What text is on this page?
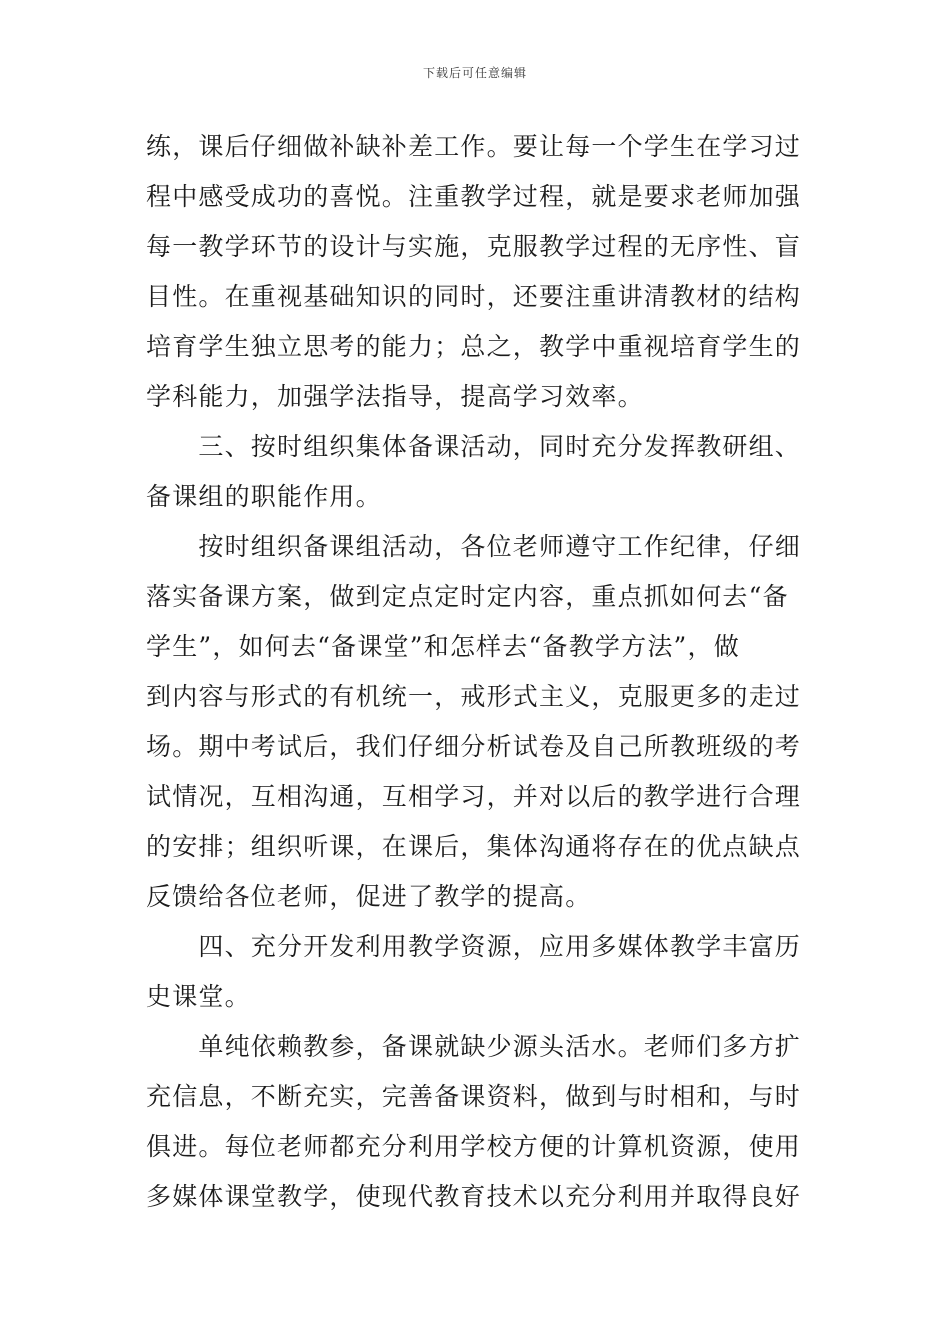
下载后可任意编辑
练，课后仔细做补缺补差工作。要让每一个学生在学习过
程中感受成功的喜悦。注重教学过程，就是要求老师加强
每一教学环节的设计与实施，克服教学过程的无序性、盲
目性。在重视基础知识的同时，还要注重讲清教材的结构
培育学生独立思考的能力；总之，教学中重视培育学生的
学科能力，加强学法指导，提高学习效率。
　　三、按时组织集体备课活动，同时充分发挥教研组、
备课组的职能作用。
　　按时组织备课组活动，各位老师遵守工作纪律，仔细
落实备课方案，做到定点定时定内容，重点抓如何去“备
学生”，如何去“备课堂”和怎样去“备教学方法”，做
到内容与形式的有机统一，戒形式主义，克服更多的走过
场。期中考试后，我们仔细分析试卷及自己所教班级的考
试情况，互相沟通，互相学习，并对以后的教学进行合理
的安排；组织听课，在课后，集体沟通将存在的优点缺点
反馈给各位老师，促进了教学的提高。
　　四、充分开发利用教学资源，应用多媒体教学丰富历
史课堂。
　　单纯依赖教参，备课就缺少源头活水。老师们多方扩
充信息，不断充实，完善备课资料，做到与时相和，与时
俱进。每位老师都充分利用学校方便的计算机资源，使用
多媒体课堂教学，使现代教育技术以充分利用并取得良好
